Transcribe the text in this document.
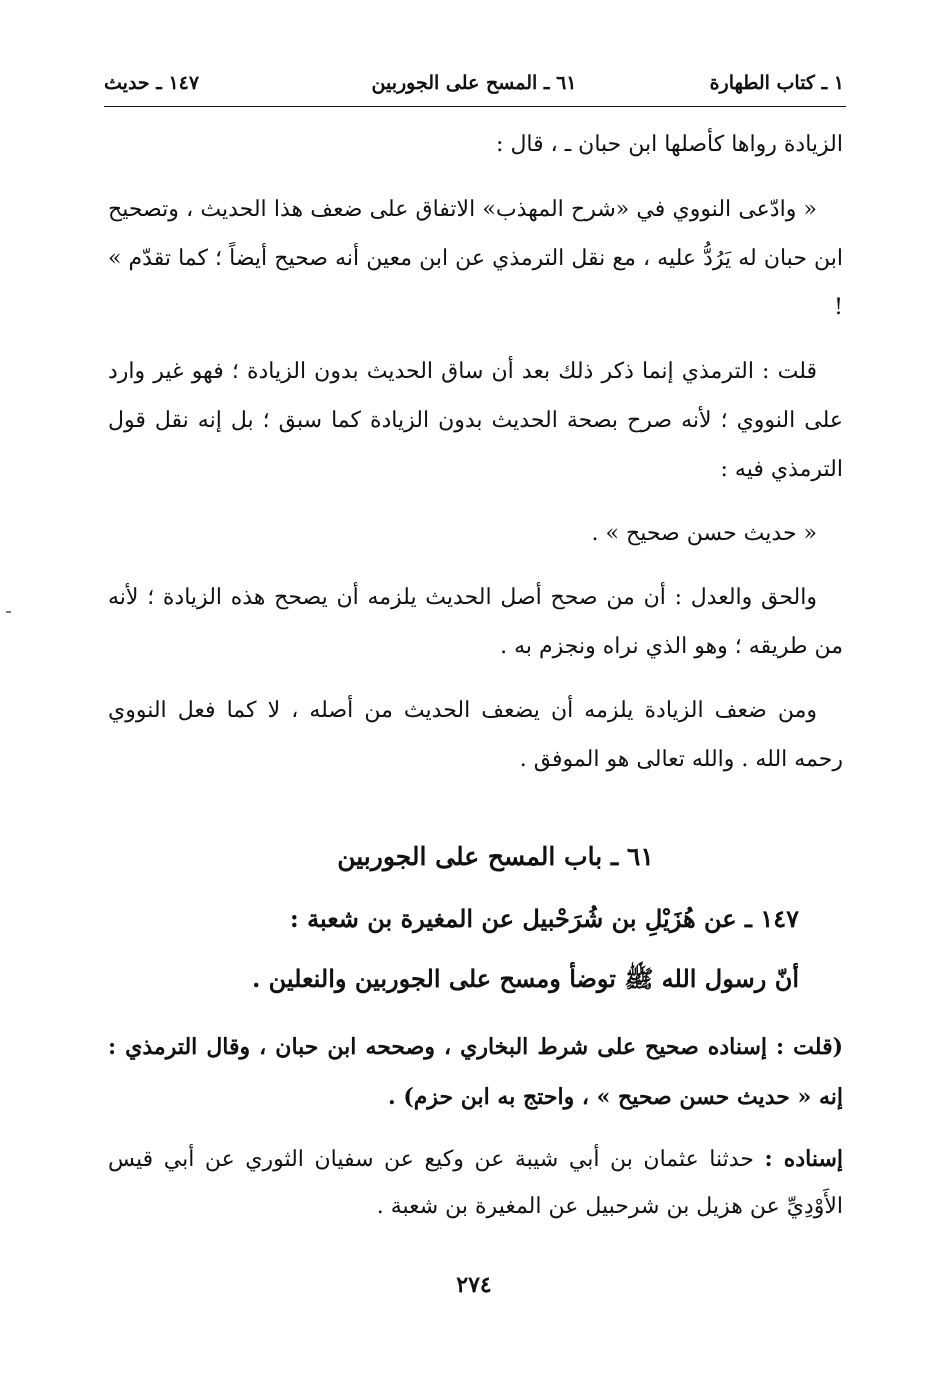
١ ـ كتاب الطهارة
٦١ ـ المسح على الجوربين
١٤٧ ـ حديث

الزيادة رواها كأصلها ابن حبان ـ ، قال :

« وادّعى النووي في «شرح المهذب» الاتفاق على ضعف هذا الحديث ، وتصحيح ابن حبان له يَرُدُّ عليه ، مع نقل الترمذي عن ابن معين أنه صحيح أيضاً ؛ كما تقدّم » !

قلت : الترمذي إنما ذكر ذلك بعد أن ساق الحديث بدون الزيادة ؛ فهو غير وارد على النووي ؛ لأنه صرح بصحة الحديث بدون الزيادة كما سبق ؛ بل إنه نقل قول الترمذي فيه :

« حديث حسن صحيح » .

والحق والعدل : أن من صحح أصل الحديث يلزمه أن يصحح هذه الزيادة ؛ لأنه من طريقه ؛ وهو الذي نراه ونجزم به .

ومن ضعف الزيادة يلزمه أن يضعف الحديث من أصله ، لا كما فعل النووي رحمه الله . والله تعالى هو الموفق .

٦١ ـ باب المسح على الجوربين

١٤٧ ـ عن هُزَيْلِ بن شُرَحْبيل عن المغيرة بن شعبة :

أنّ رسول الله ﷺ توضأ ومسح على الجوربين والنعلين .

(قلت : إسناده صحيح على شرط البخاري ، وصححه ابن حبان ، وقال الترمذي : إنه « حديث حسن صحيح » ، واحتج به ابن حزم) .

إسناده : حدثنا عثمان بن أبي شيبة عن وكيع عن سفيان الثوري عن أبي قيس الأَوْدِيِّ عن هزيل بن شرحبيل عن المغيرة بن شعبة .

٢٧٤
